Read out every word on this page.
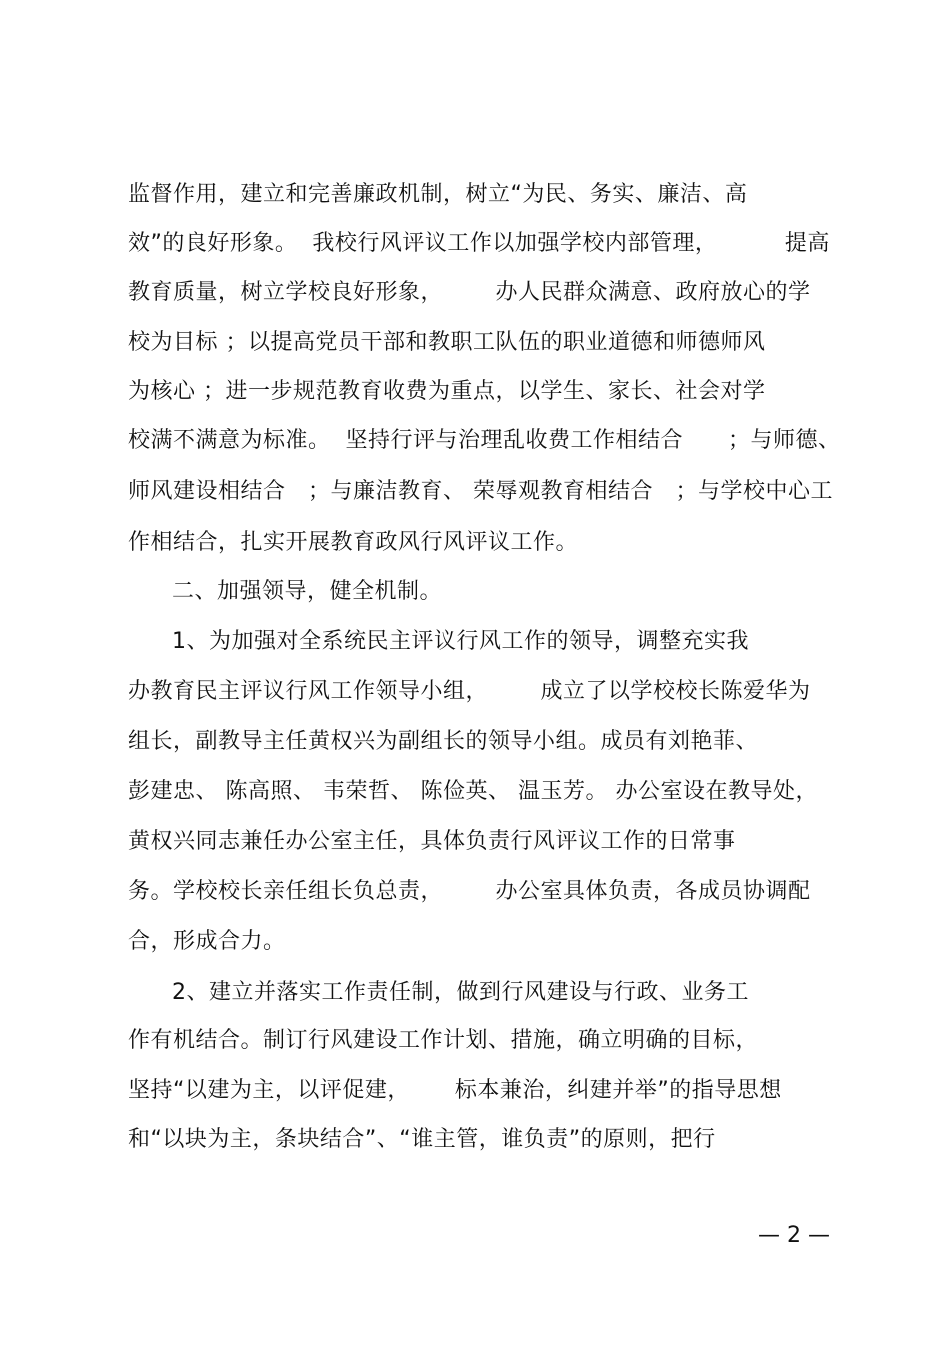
监督作用，建立和完善廉政机制，树立“为民、务实、廉洁、高
效”的良好形象。  我校行风评议工作以加强学校内部管理，         提高
教育质量，树立学校良好形象，       办人民群众满意、政府放心的学
校为目标 ；以提高党员干部和教职工队伍的职业道德和师德师风
为核心 ；进一步规范教育收费为重点，以学生、家长、社会对学
校满不满意为标准。  坚持行评与治理乱收费工作相结合      ；与师德、
师风建设相结合   ；与廉洁教育、 荣辱观教育相结合   ；与学校中心工
作相结合，扎实开展教育政风行风评议工作。
二、加强领导，健全机制。
1、为加强对全系统民主评议行风工作的领导，调整充实我
办教育民主评议行风工作领导小组，       成立了以学校校长陈爱华为
组长，副教导主任黄权兴为副组长的领导小组。成员有刘艳菲、
彭建忠、 陈高照、 韦荣哲、 陈俭英、 温玉芳。 办公室设在教导处，
黄权兴同志兼任办公室主任，具体负责行风评议工作的日常事
务。学校校长亲任组长负总责，       办公室具体负责，各成员协调配
合，形成合力。
2、建立并落实工作责任制，做到行风建设与行政、业务工
作有机结合。制订行风建设工作计划、措施，确立明确的目标，
坚持“以建为主，以评促建，      标本兼治，纠建并举”的指导思想
和“以块为主，条块结合”、“谁主管，谁负责”的原则，把行
— 2 —
